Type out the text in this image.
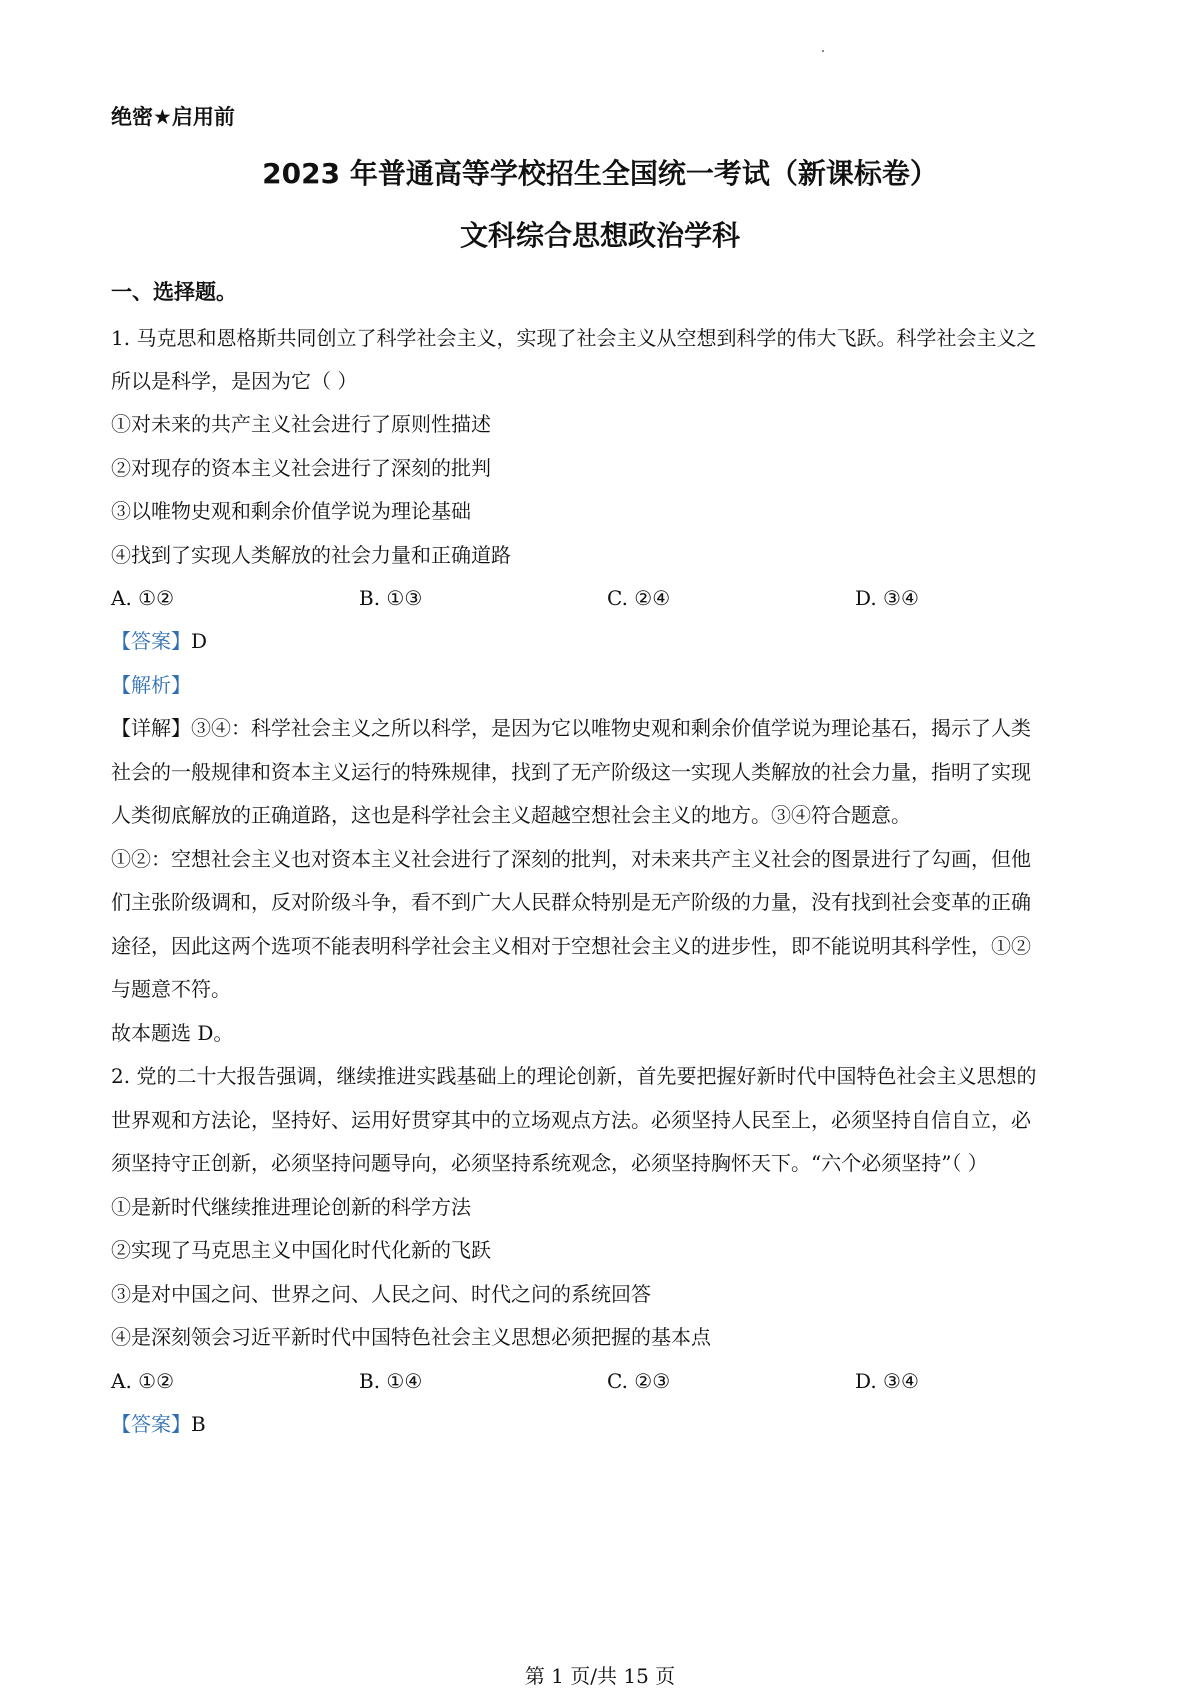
绝密★启用前
2023 年普通高等学校招生全国统一考试（新课标卷）
文科综合思想政治学科
一、选择题。
1. 马克思和恩格斯共同创立了科学社会主义，实现了社会主义从空想到科学的伟大飞跃。科学社会主义之
所以是科学，是因为它（ ）
①对未来的共产主义社会进行了原则性描述
②对现存的资本主义社会进行了深刻的批判
③以唯物史观和剩余价值学说为理论基础
④找到了实现人类解放的社会力量和正确道路
A. ①②	B. ①③	C. ②④	D. ③④
【答案】D
【解析】
【详解】③④：科学社会主义之所以科学，是因为它以唯物史观和剩余价值学说为理论基石，揭示了人类
社会的一般规律和资本主义运行的特殊规律，找到了无产阶级这一实现人类解放的社会力量，指明了实现
人类彻底解放的正确道路，这也是科学社会主义超越空想社会主义的地方。③④符合题意。
①②：空想社会主义也对资本主义社会进行了深刻的批判，对未来共产主义社会的图景进行了勾画，但他
们主张阶级调和，反对阶级斗争，看不到广大人民群众特别是无产阶级的力量，没有找到社会变革的正确
途径，因此这两个选项不能表明科学社会主义相对于空想社会主义的进步性，即不能说明其科学性，①②
与题意不符。
故本题选 D。
2. 党的二十大报告强调，继续推进实践基础上的理论创新，首先要把握好新时代中国特色社会主义思想的
世界观和方法论，坚持好、运用好贯穿其中的立场观点方法。必须坚持人民至上，必须坚持自信自立，必
须坚持守正创新，必须坚持问题导向，必须坚持系统观念，必须坚持胸怀天下。“六个必须坚持”（ ）
①是新时代继续推进理论创新的科学方法
②实现了马克思主义中国化时代化新的飞跃
③是对中国之问、世界之问、人民之问、时代之问的系统回答
④是深刻领会习近平新时代中国特色社会主义思想必须把握的基本点
A. ①②	B. ①④	C. ②③	D. ③④
【答案】B
第 1 页/共 15 页
